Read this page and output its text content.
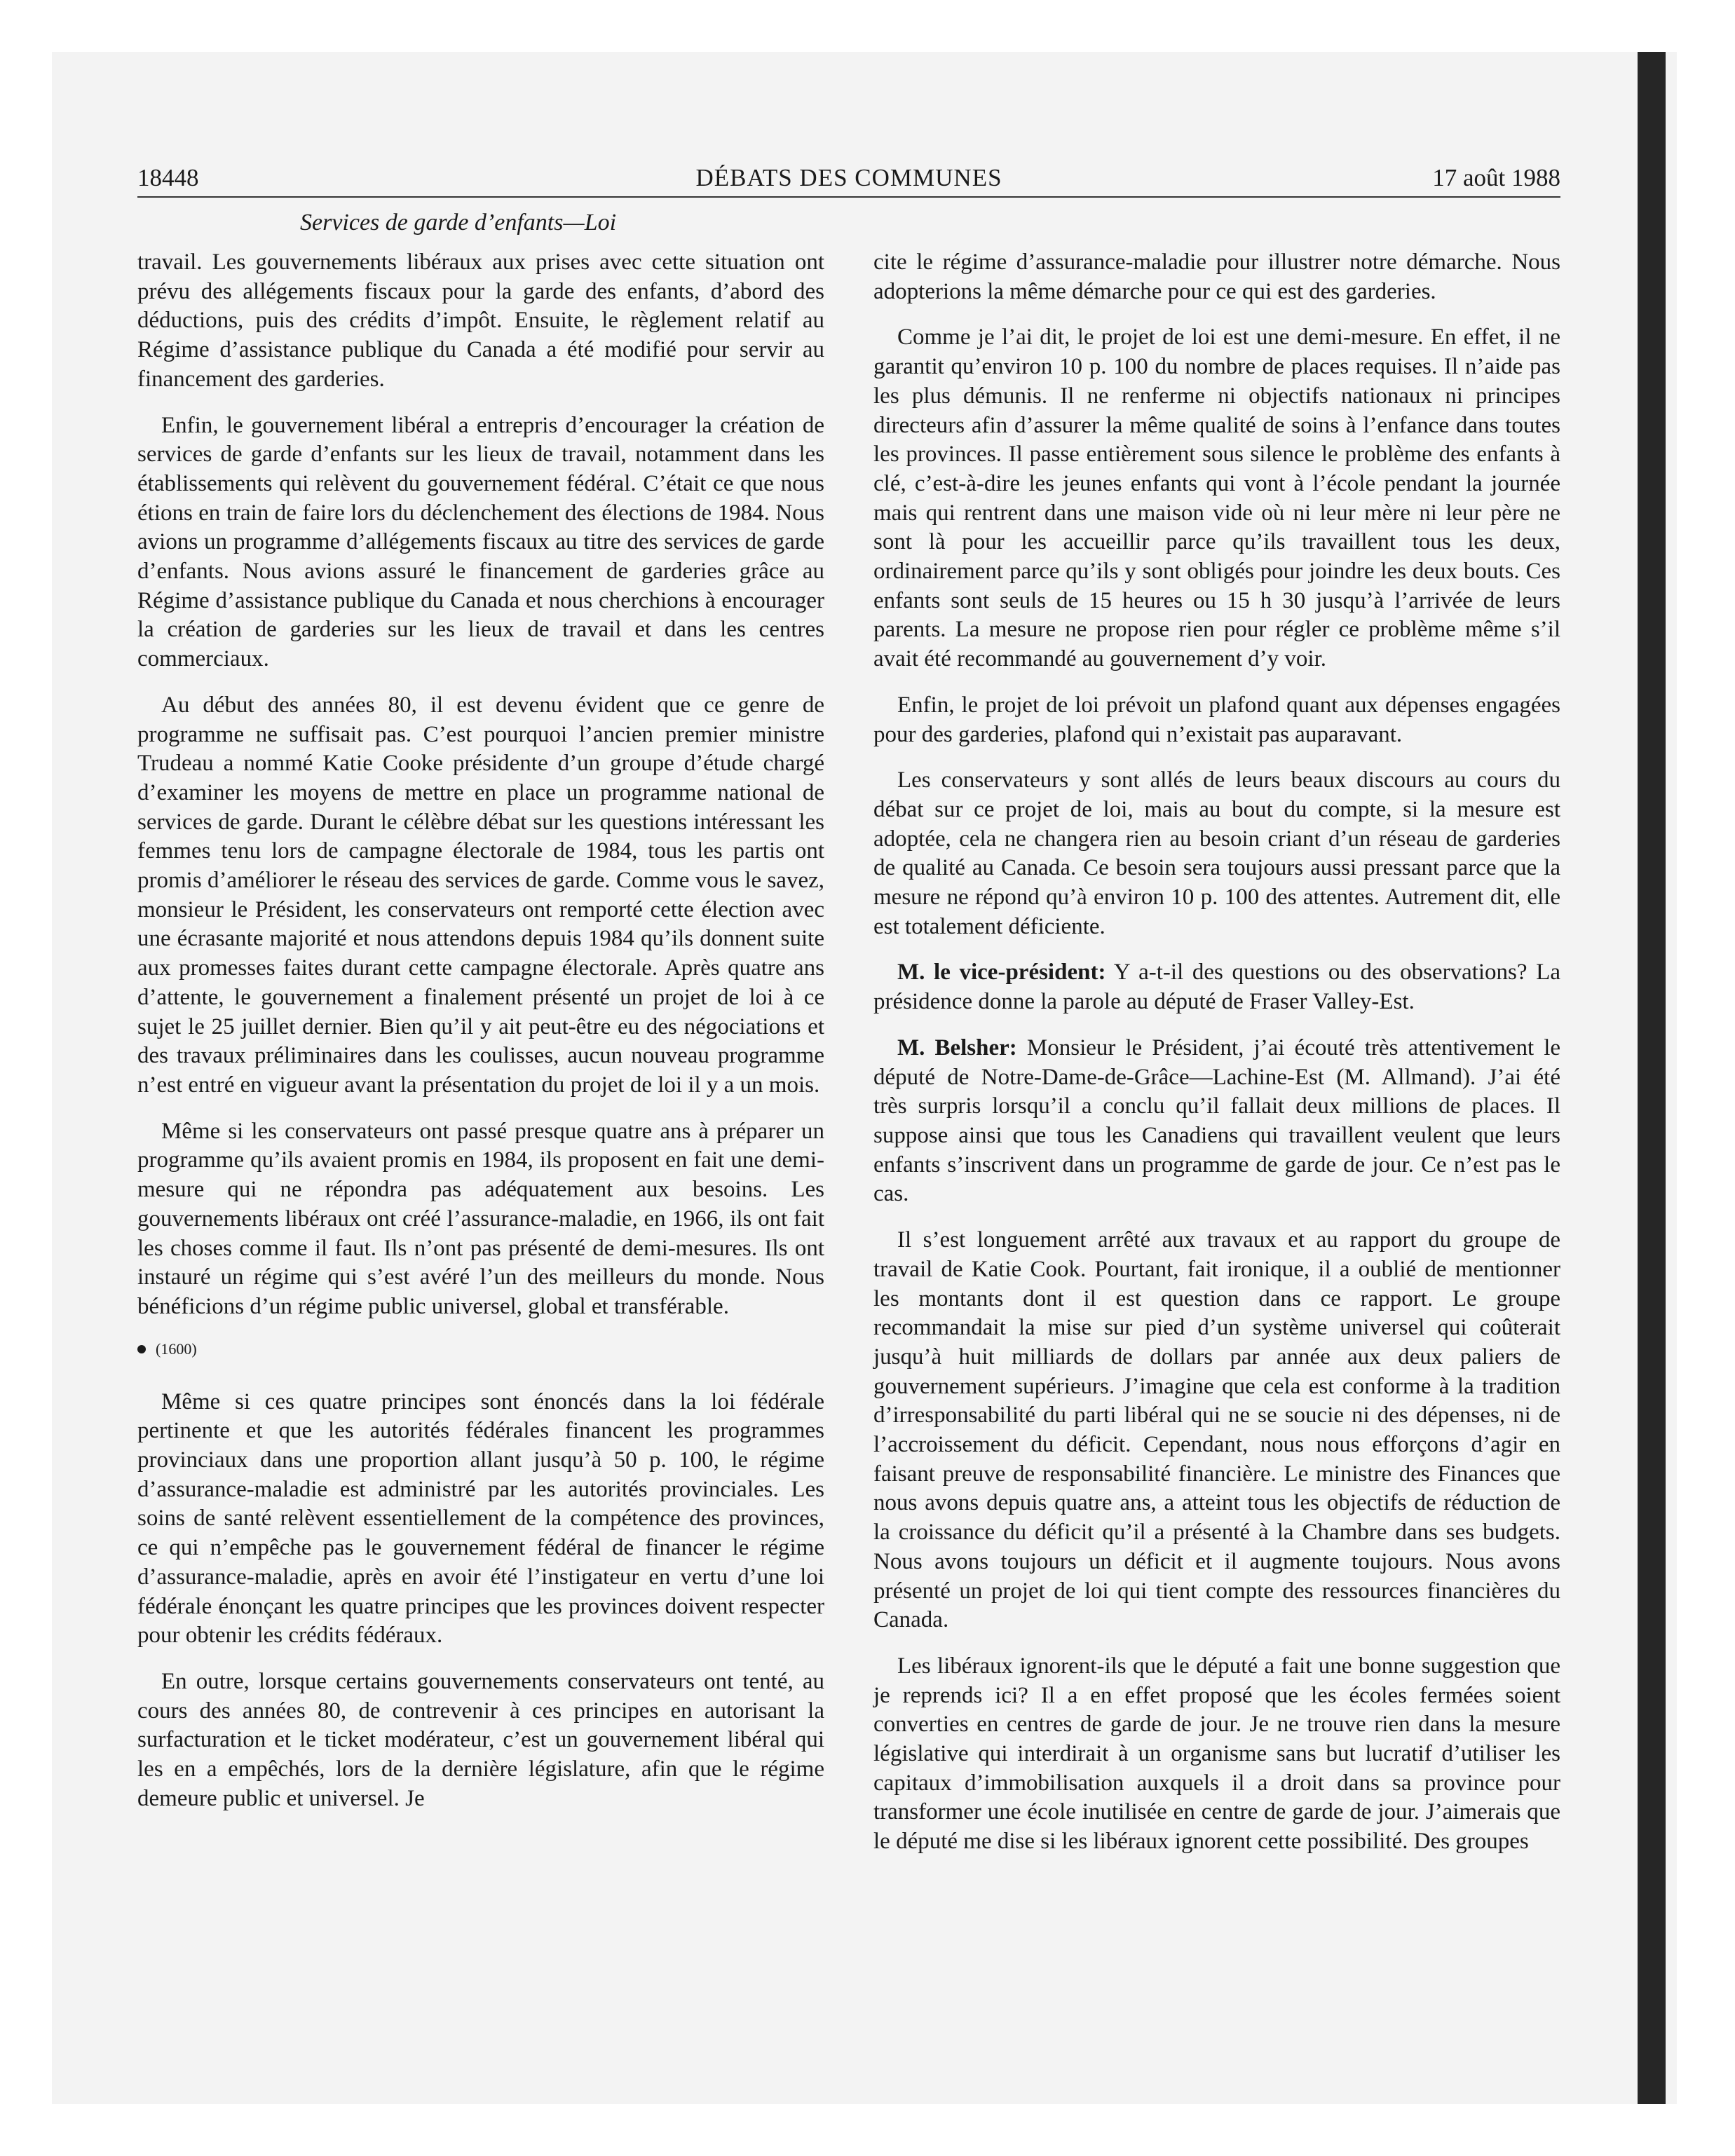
18448	DÉBATS DES COMMUNES	17 août 1988
Services de garde d’enfants—Loi

travail. Les gouvernements libéraux aux prises avec cette situation ont prévu des allégements fiscaux pour la garde des enfants, d’abord des déductions, puis des crédits d’impôt. Ensuite, le règlement relatif au Régime d’assistance publique du Canada a été modifié pour servir au financement des garderies.

Enfin, le gouvernement libéral a entrepris d’encourager la création de services de garde d’enfants sur les lieux de travail, notamment dans les établissements qui relèvent du gouvernement fédéral. C’était ce que nous étions en train de faire lors du déclenchement des élections de 1984. Nous avions un programme d’allégements fiscaux au titre des services de garde d’enfants. Nous avions assuré le financement de garderies grâce au Régime d’assistance publique du Canada et nous cherchions à encourager la création de garderies sur les lieux de travail et dans les centres commerciaux.

Au début des années 80, il est devenu évident que ce genre de programme ne suffisait pas. C’est pourquoi l’ancien premier ministre Trudeau a nommé Katie Cooke présidente d’un groupe d’étude chargé d’examiner les moyens de mettre en place un programme national de services de garde. Durant le célèbre débat sur les questions intéressant les femmes tenu lors de campagne électorale de 1984, tous les partis ont promis d’améliorer le réseau des services de garde. Comme vous le savez, monsieur le Président, les conservateurs ont remporté cette élection avec une écrasante majorité et nous attendons depuis 1984 qu’ils donnent suite aux promesses faites durant cette campagne électorale. Après quatre ans d’attente, le gouvernement a finalement présenté un projet de loi à ce sujet le 25 juillet dernier. Bien qu’il y ait peut-être eu des négociations et des travaux préliminaires dans les coulisses, aucun nouveau programme n’est entré en vigueur avant la présentation du projet de loi il y a un mois.

Même si les conservateurs ont passé presque quatre ans à préparer un programme qu’ils avaient promis en 1984, ils proposent en fait une demi-mesure qui ne répondra pas adéquatement aux besoins. Les gouvernements libéraux ont créé l’assurance-maladie, en 1966, ils ont fait les choses comme il faut. Ils n’ont pas présenté de demi-mesures. Ils ont instauré un régime qui s’est avéré l’un des meilleurs du monde. Nous bénéficions d’un régime public universel, global et transférable.

(1600)

Même si ces quatre principes sont énoncés dans la loi fédérale pertinente et que les autorités fédérales financent les programmes provinciaux dans une proportion allant jusqu’à 50 p. 100, le régime d’assurance-maladie est administré par les autorités provinciales. Les soins de santé relèvent essentiellement de la compétence des provinces, ce qui n’empêche pas le gouvernement fédéral de financer le régime d’assurance-maladie, après en avoir été l’instigateur en vertu d’une loi fédérale énonçant les quatre principes que les provinces doivent respecter pour obtenir les crédits fédéraux.

En outre, lorsque certains gouvernements conservateurs ont tenté, au cours des années 80, de contrevenir à ces principes en autorisant la surfacturation et le ticket modérateur, c’est un gouvernement libéral qui les en a empêchés, lors de la dernière législature, afin que le régime demeure public et universel. Je

cite le régime d’assurance-maladie pour illustrer notre démarche. Nous adopterions la même démarche pour ce qui est des garderies.

Comme je l’ai dit, le projet de loi est une demi-mesure. En effet, il ne garantit qu’environ 10 p. 100 du nombre de places requises. Il n’aide pas les plus démunis. Il ne renferme ni objectifs nationaux ni principes directeurs afin d’assurer la même qualité de soins à l’enfance dans toutes les provinces. Il passe entièrement sous silence le problème des enfants à clé, c’est-à-dire les jeunes enfants qui vont à l’école pendant la journée mais qui rentrent dans une maison vide où ni leur mère ni leur père ne sont là pour les accueillir parce qu’ils travaillent tous les deux, ordinairement parce qu’ils y sont obligés pour joindre les deux bouts. Ces enfants sont seuls de 15 heures ou 15 h 30 jusqu’à l’arrivée de leurs parents. La mesure ne propose rien pour régler ce problème même s’il avait été recommandé au gouvernement d’y voir.

Enfin, le projet de loi prévoit un plafond quant aux dépenses engagées pour des garderies, plafond qui n’existait pas auparavant.

Les conservateurs y sont allés de leurs beaux discours au cours du débat sur ce projet de loi, mais au bout du compte, si la mesure est adoptée, cela ne changera rien au besoin criant d’un réseau de garderies de qualité au Canada. Ce besoin sera toujours aussi pressant parce que la mesure ne répond qu’à environ 10 p. 100 des attentes. Autrement dit, elle est totalement déficiente.

M. le vice-président: Y a-t-il des questions ou des observations? La présidence donne la parole au député de Fraser Valley-Est.

M. Belsher: Monsieur le Président, j’ai écouté très attentivement le député de Notre-Dame-de-Grâce—Lachine-Est (M. Allmand). J’ai été très surpris lorsqu’il a conclu qu’il fallait deux millions de places. Il suppose ainsi que tous les Canadiens qui travaillent veulent que leurs enfants s’inscrivent dans un programme de garde de jour. Ce n’est pas le cas.

Il s’est longuement arrêté aux travaux et au rapport du groupe de travail de Katie Cook. Pourtant, fait ironique, il a oublié de mentionner les montants dont il est question dans ce rapport. Le groupe recommandait la mise sur pied d’un système universel qui coûterait jusqu’à huit milliards de dollars par année aux deux paliers de gouvernement supérieurs. J’imagine que cela est conforme à la tradition d’irresponsabilité du parti libéral qui ne se soucie ni des dépenses, ni de l’accroissement du déficit. Cependant, nous nous efforçons d’agir en faisant preuve de responsabilité financière. Le ministre des Finances que nous avons depuis quatre ans, a atteint tous les objectifs de réduction de la croissance du déficit qu’il a présenté à la Chambre dans ses budgets. Nous avons toujours un déficit et il augmente toujours. Nous avons présenté un projet de loi qui tient compte des ressources financières du Canada.

Les libéraux ignorent-ils que le député a fait une bonne suggestion que je reprends ici? Il a en effet proposé que les écoles fermées soient converties en centres de garde de jour. Je ne trouve rien dans la mesure législative qui interdirait à un organisme sans but lucratif d’utiliser les capitaux d’immobilisation auxquels il a droit dans sa province pour transformer une école inutilisée en centre de garde de jour. J’aimerais que le député me dise si les libéraux ignorent cette possibilité. Des groupes
